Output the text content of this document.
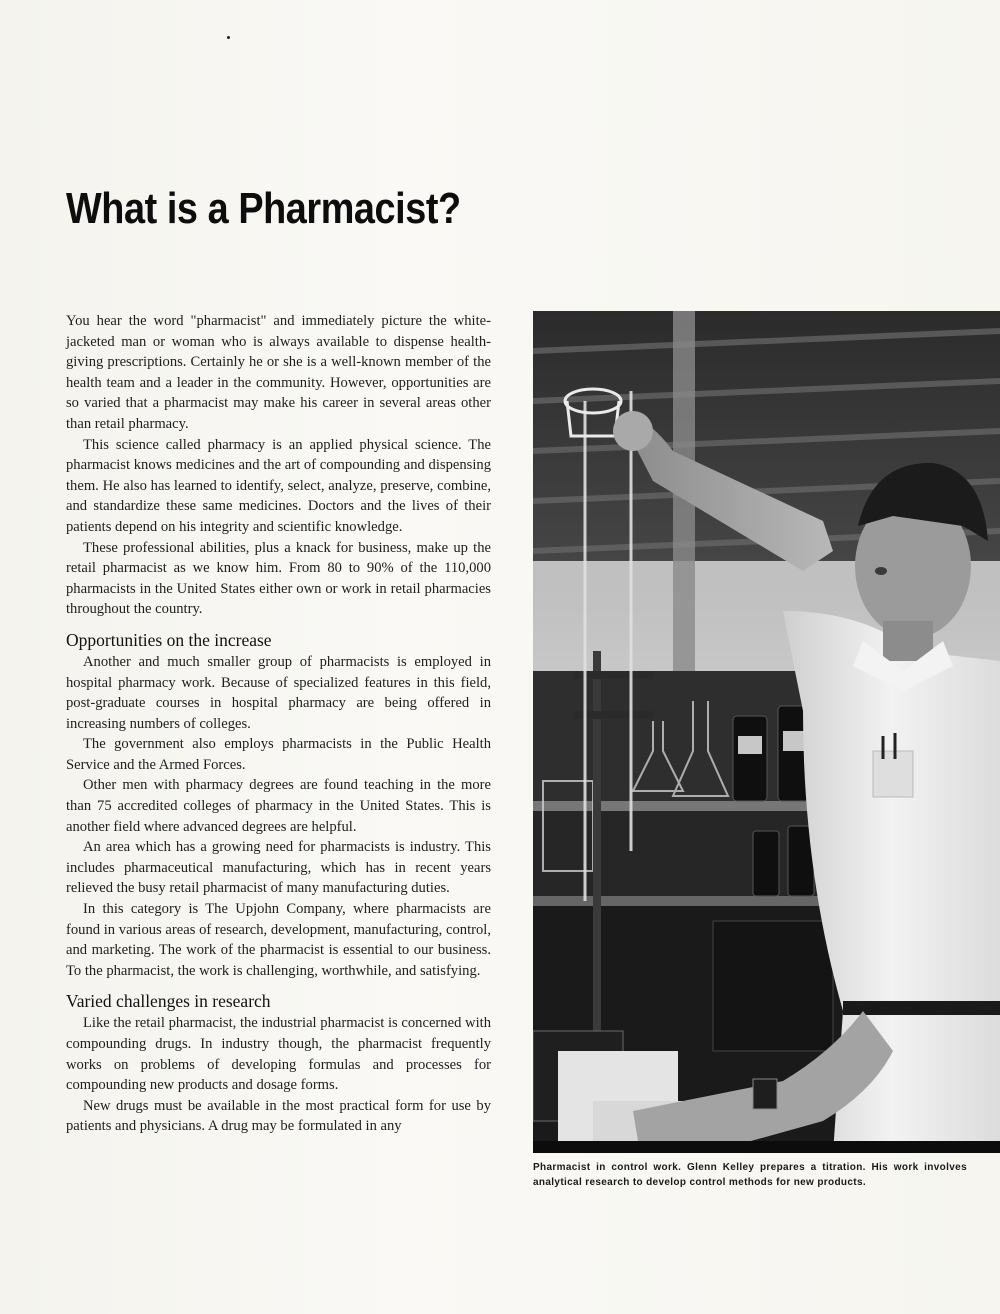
What is a Pharmacist?

You hear the word "pharmacist" and immediately picture the white-jacketed man or woman who is always available to dispense health-giving prescriptions. Certainly he or she is a well-known member of the health team and a leader in the community. However, opportunities are so varied that a pharmacist may make his career in several areas other than retail pharmacy.

This science called pharmacy is an applied physical science. The pharmacist knows medicines and the art of compounding and dispensing them. He also has learned to identify, select, analyze, preserve, combine, and standardize these same medicines. Doctors and the lives of their patients depend on his integrity and scientific knowledge.

These professional abilities, plus a knack for business, make up the retail pharmacist as we know him. From 80 to 90% of the 110,000 pharmacists in the United States either own or work in retail pharmacies throughout the country.

Opportunities on the increase

Another and much smaller group of pharmacists is employed in hospital pharmacy work. Because of specialized features in this field, post-graduate courses in hospital pharmacy are being offered in increasing numbers of colleges.

The government also employs pharmacists in the Public Health Service and the Armed Forces.

Other men with pharmacy degrees are found teaching in the more than 75 accredited colleges of pharmacy in the United States. This is another field where advanced degrees are helpful.

An area which has a growing need for pharmacists is industry. This includes pharmaceutical manufacturing, which has in recent years relieved the busy retail pharmacist of many manufacturing duties.

In this category is The Upjohn Company, where pharmacists are found in various areas of research, development, manufacturing, control, and marketing. The work of the pharmacist is essential to our business. To the pharmacist, the work is challenging, worthwhile, and satisfying.

Varied challenges in research

Like the retail pharmacist, the industrial pharmacist is concerned with compounding drugs. In industry though, the pharmacist frequently works on problems of developing formulas and processes for compounding new products and dosage forms.

New drugs must be available in the most practical form for use by patients and physicians. A drug may be formulated in any

Pharmacist in control work. Glenn Kelley prepares a titration. His work involves analytical research to develop control methods for new products.
